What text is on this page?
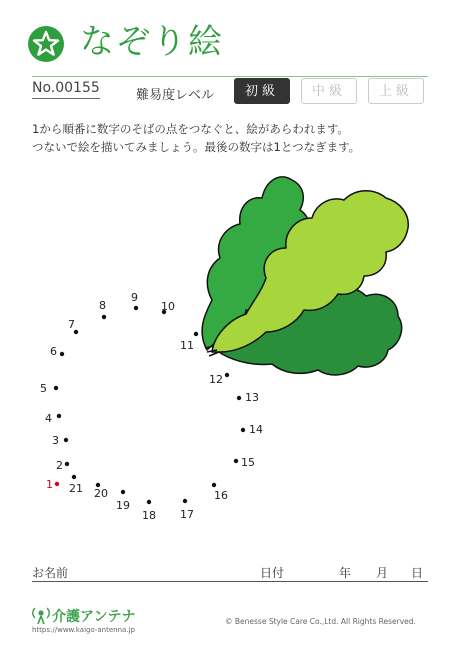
なぞり絵
No.00155	難易度レベル	初級	中級	上級
1から順番に数字のそばの点をつなぐと、絵があらわれます。
つないで絵を描いてみましょう。最後の数字は1とつなぎます。
1
2
3
4
5
6
7
8
9
10
11
12
13
14
15
16
17
18
19
20
21
お名前	日付	年 月 日
介護アンテナ
https://www.kaigo-antenna.jp
© Benesse Style Care Co.,Ltd. All Rights Reserved.
